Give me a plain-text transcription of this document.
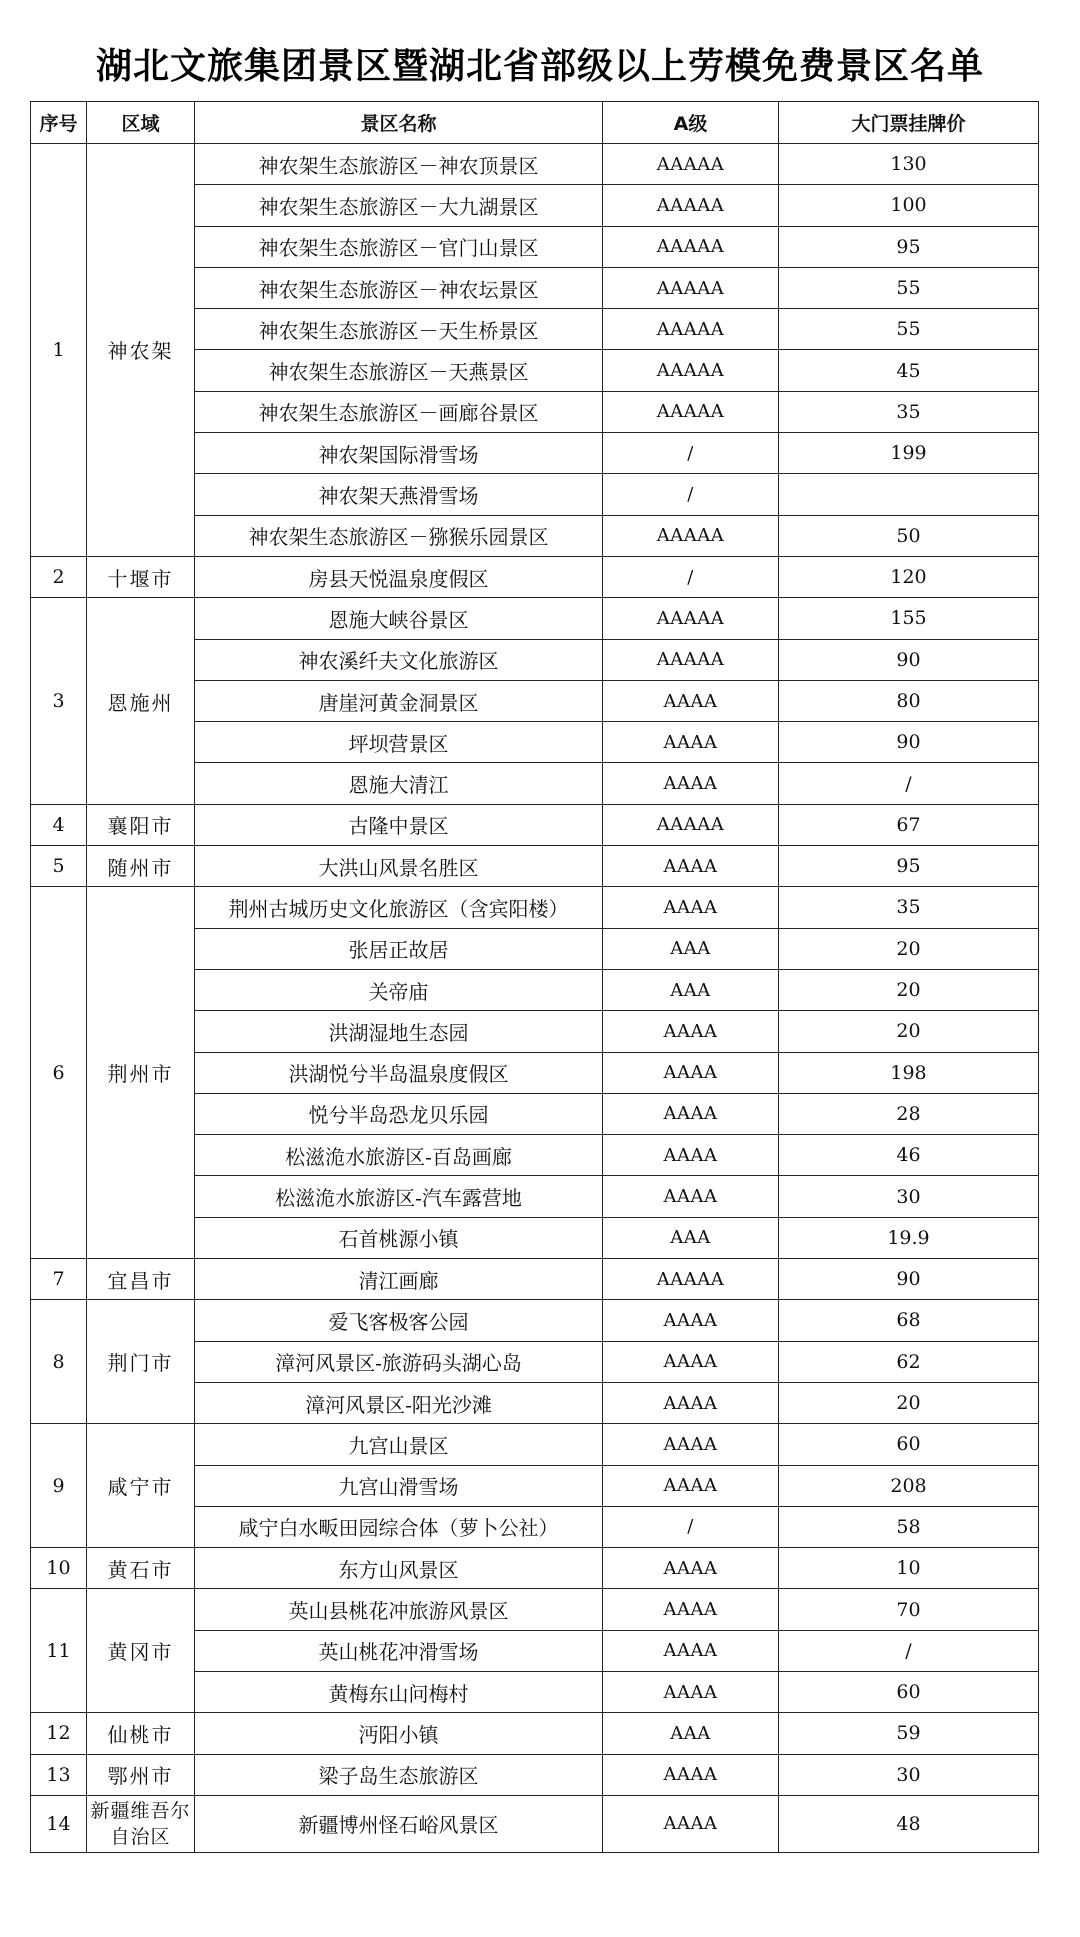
湖北文旅集团景区暨湖北省部级以上劳模免费景区名单
序号	区域	景区名称	A级	大门票挂牌价
1	神农架	神农架生态旅游区－神农顶景区	AAAAA	130
		神农架生态旅游区－大九湖景区	AAAAA	100
		神农架生态旅游区－官门山景区	AAAAA	95
		神农架生态旅游区－神农坛景区	AAAAA	55
		神农架生态旅游区－天生桥景区	AAAAA	55
		神农架生态旅游区－天燕景区	AAAAA	45
		神农架生态旅游区－画廊谷景区	AAAAA	35
		神农架国际滑雪场	/	199
		神农架天燕滑雪场	/	
		神农架生态旅游区－猕猴乐园景区	AAAAA	50
2	十堰市	房县天悦温泉度假区	/	120
3	恩施州	恩施大峡谷景区	AAAAA	155
		神农溪纤夫文化旅游区	AAAAA	90
		唐崖河黄金洞景区	AAAA	80
		坪坝营景区	AAAA	90
		恩施大清江	AAAA	/
4	襄阳市	古隆中景区	AAAAA	67
5	随州市	大洪山风景名胜区	AAAA	95
6	荆州市	荆州古城历史文化旅游区（含宾阳楼）	AAAA	35
		张居正故居	AAA	20
		关帝庙	AAA	20
		洪湖湿地生态园	AAAA	20
		洪湖悦兮半岛温泉度假区	AAAA	198
		悦兮半岛恐龙贝乐园	AAAA	28
		松滋洈水旅游区-百岛画廊	AAAA	46
		松滋洈水旅游区-汽车露营地	AAAA	30
		石首桃源小镇	AAA	19.9
7	宜昌市	清江画廊	AAAAA	90
8	荆门市	爱飞客极客公园	AAAA	68
		漳河风景区-旅游码头湖心岛	AAAA	62
		漳河风景区-阳光沙滩	AAAA	20
9	咸宁市	九宫山景区	AAAA	60
		九宫山滑雪场	AAAA	208
		咸宁白水畈田园综合体（萝卜公社）	/	58
10	黄石市	东方山风景区	AAAA	10
11	黄冈市	英山县桃花冲旅游风景区	AAAA	70
		英山桃花冲滑雪场	AAAA	/
		黄梅东山问梅村	AAAA	60
12	仙桃市	沔阳小镇	AAA	59
13	鄂州市	梁子岛生态旅游区	AAAA	30
14	新疆维吾尔自治区	新疆博州怪石峪风景区	AAAA	48
